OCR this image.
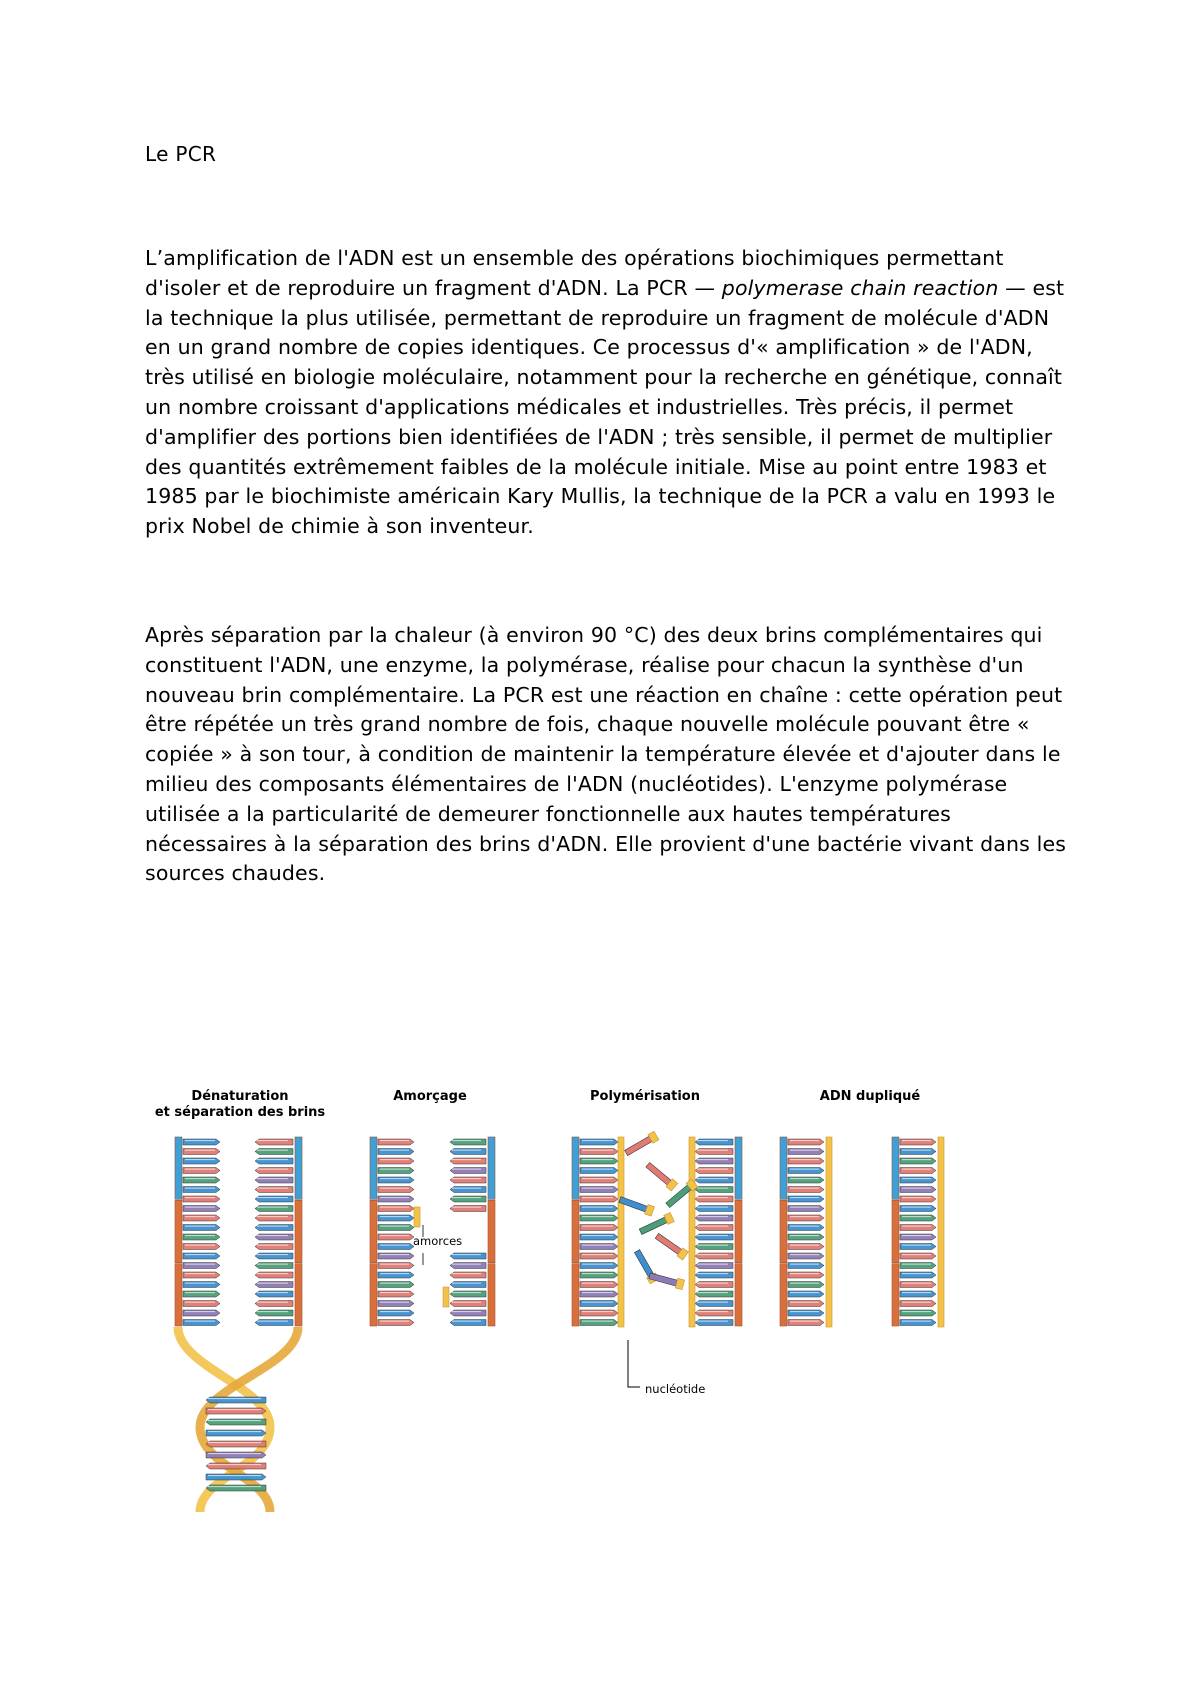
Le PCR

L’amplification de l'ADN est un ensemble des opérations biochimiques permettant d'isoler et de reproduire un fragment d'ADN. La PCR — polymerase chain reaction — est la technique la plus utilisée, permettant de reproduire un fragment de molécule d'ADN en un grand nombre de copies identiques. Ce processus d'« amplification » de l'ADN, très utilisé en biologie moléculaire, notamment pour la recherche en génétique, connaît un nombre croissant d'applications médicales et industrielles. Très précis, il permet d'amplifier des portions bien identifiées de l'ADN ; très sensible, il permet de multiplier des quantités extrêmement faibles de la molécule initiale. Mise au point entre 1983 et 1985 par le biochimiste américain Kary Mullis, la technique de la PCR a valu en 1993 le prix Nobel de chimie à son inventeur.

Après séparation par la chaleur (à environ 90 °C) des deux brins complémentaires qui constituent l'ADN, une enzyme, la polymérase, réalise pour chacun la synthèse d'un nouveau brin complémentaire. La PCR est une réaction en chaîne : cette opération peut être répétée un très grand nombre de fois, chaque nouvelle molécule pouvant être « copiée » à son tour, à condition de maintenir la température élevée et d'ajouter dans le milieu des composants élémentaires de l'ADN (nucléotides). L'enzyme polymérase utilisée a la particularité de demeurer fonctionnelle aux hautes températures nécessaires à la séparation des brins d'ADN. Elle provient d'une bactérie vivant dans les sources chaudes.

Dénaturation
et séparation des brins
Amorçage	Polymérisation	ADN dupliqué
amorces
nucléotide
